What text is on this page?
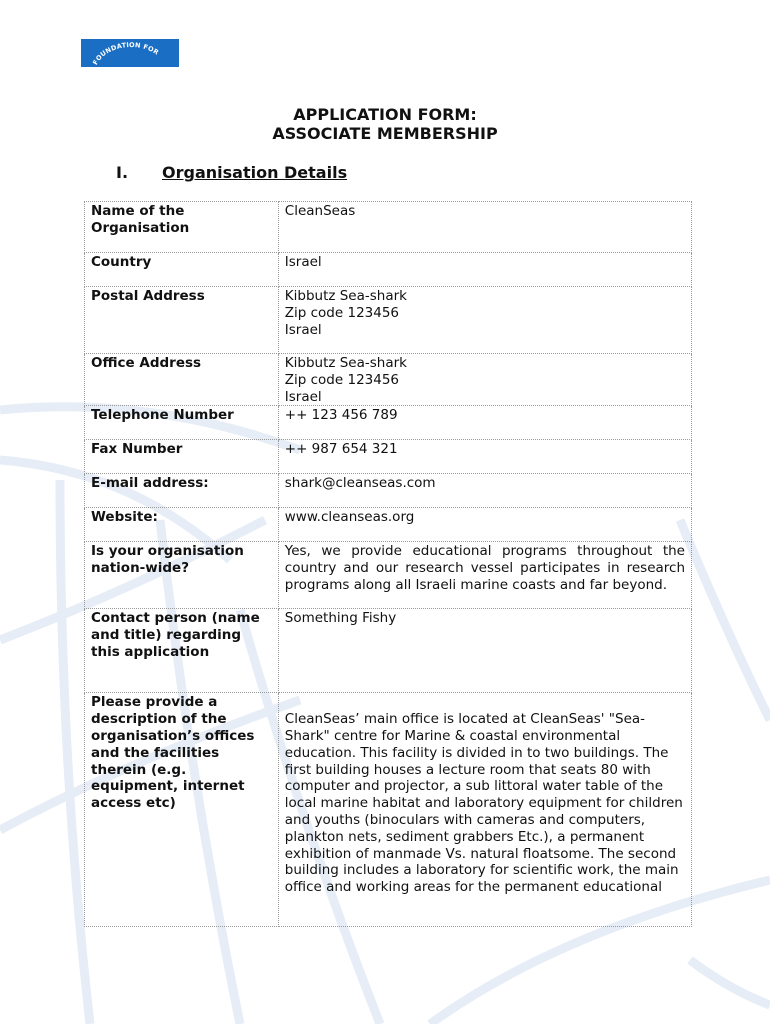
FOUNDATION FOR
APPLICATION FORM:
ASSOCIATE MEMBERSHIP
I. Organisation Details
Name of the Organisation	CleanSeas
Country	Israel
Postal Address	Kibbutz Sea-shark
Zip code 123456
Israel

Office Address	Kibbutz Sea-shark
Zip code 123456
Israel

Telephone Number	++ 123 456 789
Fax Number	++ 987 654 321
E-mail address:	shark@cleanseas.com
Website:	www.cleanseas.org
Is your organisation nation-wide?	Yes, we provide educational programs throughout the country and our research vessel participates in research programs along all Israeli marine coasts and far beyond.
Contact person (name and title) regarding this application	Something Fishy
Please provide a description of the organisation’s offices and the facilities therein (e.g. equipment, internet access etc)	CleanSeas’ main office is located at CleanSeas' "Sea-Shark" centre for Marine & coastal environmental education. This facility is divided in to two buildings. The first building houses a lecture room that seats 80 with computer and projector, a sub littoral water table of the local marine habitat and laboratory equipment for children and youths (binoculars with cameras and computers, plankton nets, sediment grabbers Etc.), a permanent exhibition of manmade Vs. natural floatsome. The second building includes a laboratory for scientific work, the main office and working areas for the permanent educational
